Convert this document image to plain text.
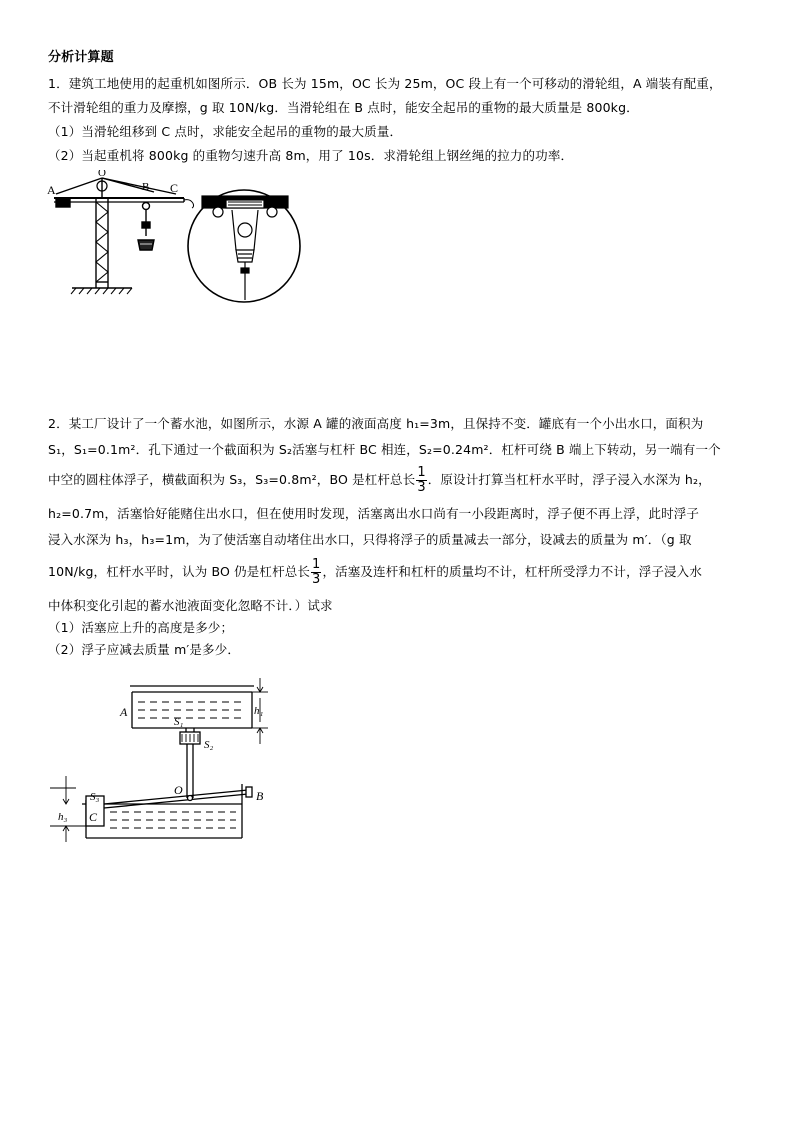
分析计算题
1．建筑工地使用的起重机如图所示．OB 长为 15m，OC 长为 25m，OC 段上有一个可移动的滑轮组，A 端装有配重，
不计滑轮组的重力及摩擦，g 取 10N/kg．当滑轮组在 B 点时，能安全起吊的重物的最大质量是 800kg．
（1）当滑轮组移到 C 点时，求能安全起吊的重物的最大质量．
（2）当起重机将 800kg 的重物匀速升高 8m，用了 10s．求滑轮组上钢丝绳的拉力的功率．
A
O
B C
2．某工厂设计了一个蓄水池，如图所示，水源 A 罐的液面高度 h₁=3m，且保持不变．罐底有一个小出水口，面积为
S₁，S₁=0.1m²．孔下通过一个截面积为 S₂活塞与杠杆 BC 相连，S₂=0.24m²．杠杆可绕 B 端上下转动，另一端有一个
中空的圆柱体浮子，横截面积为 S₃，S₃=0.8m²，BO 是杠杆总长 $\frac{1}{3}$ ．原设计打算当杠杆水平时，浮子浸入水深为 h₂，
h₂=0.7m，活塞恰好能赌住出水口，但在使用时发现，活塞离出水口尚有一小段距离时，浮子便不再上浮，此时浮子
浸入水深为 h₃，h₃=1m，为了使活塞自动堵住出水口，只得将浮子的质量减去一部分，设减去的质量为 m′．（g 取
10N/kg，杠杆水平时，认为 BO 仍是杠杆总长 $\frac{1}{3}$ ，活塞及连杆和杠杆的质量均不计，杠杆所受浮力不计，浮子浸入水
中体积变化引起的蓄水池液面变化忽略不计．）试求
（1）活塞应上升的高度是多少；
（2）浮子应减去质量 m′是多少．
A
S₁
S₂
h₁
O	B
S₃
C
h₃
